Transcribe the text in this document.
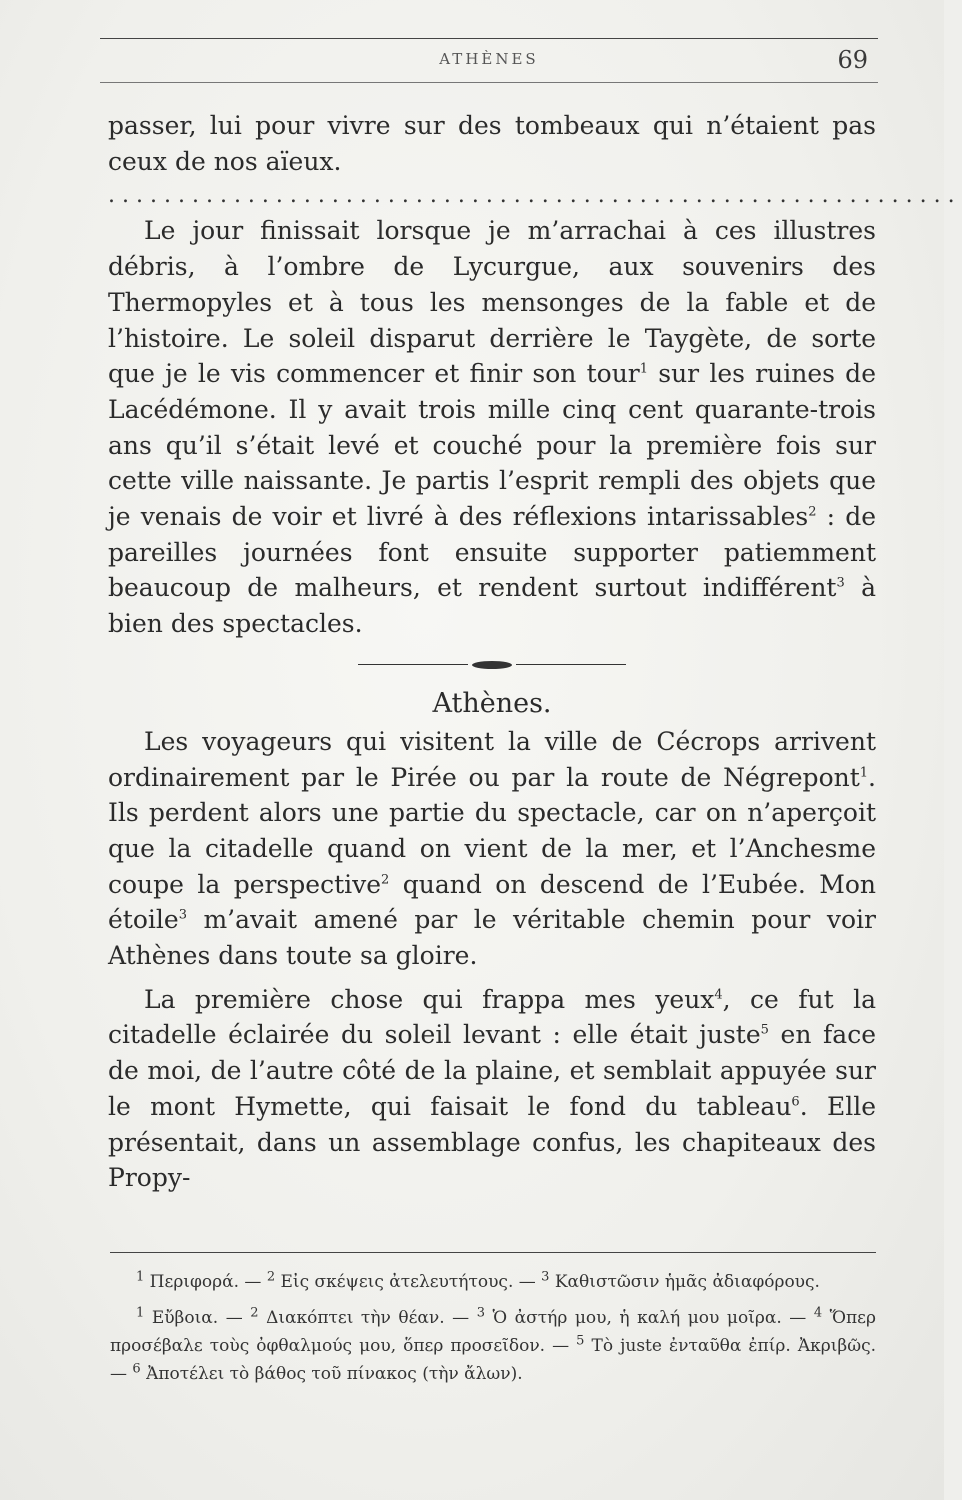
ATHÈNES	69

passer, lui pour vivre sur des tombeaux qui n’étaient pas ceux de nos aïeux.

.............................................................

Le jour finissait lorsque je m’arrachai à ces illustres débris, à l’ombre de Lycurgue, aux souvenirs des Thermopyles et à tous les mensonges de la fable et de l’histoire. Le soleil disparut derrière le Taygète, de sorte que je le vis commencer et finir son tour$^1$ sur les ruines de Lacédémone. Il y avait trois mille cinq cent quarante-trois ans qu’il s’était levé et couché pour la première fois sur cette ville naissante. Je partis l’esprit rempli des objets que je venais de voir et livré à des réflexions intarissables$^2$ : de pareilles journées font ensuite supporter patiemment beaucoup de malheurs, et rendent surtout indifférent$^3$ à bien des spectacles.

Athènes.

Les voyageurs qui visitent la ville de Cécrops arrivent ordinairement par le Pirée ou par la route de Négrepont$^1$. Ils perdent alors une partie du spectacle, car on n’aperçoit que la citadelle quand on vient de la mer, et l’Anchesme coupe la perspective$^2$ quand on descend de l’Eubée. Mon étoile$^3$ m’avait amené par le véritable chemin pour voir Athènes dans toute sa gloire.

La première chose qui frappa mes yeux$^4$, ce fut la citadelle éclairée du soleil levant : elle était juste$^5$ en face de moi, de l’autre côté de la plaine, et semblait appuyée sur le mont Hymette, qui faisait le fond du tableau$^6$. Elle présentait, dans un assemblage confus, les chapiteaux des Propy-

$^1$ Περιφορά. — $^2$ Εἰς σκέψεις ἀτελευτήτους. — $^3$ Καθιστῶσιν ἡμᾶς ἀδιαφόρους.

$^1$ Εὔβοια. — $^2$ Διακόπτει τὴν θέαν. — $^3$ Ὁ ἀστήρ μου, ἡ καλή μου μοῖρα. — $^4$ Ὅπερ προσέβαλε τοὺς ὀφθαλμούς μου, ὅπερ προσεῖδον. — $^5$ Τὸ juste ἐνταῦθα ἐπίρ. Ἀκριβῶς. — $^6$ Ἀποτέλει τὸ βάθος τοῦ πίνακος (τὴν ἄλων).
